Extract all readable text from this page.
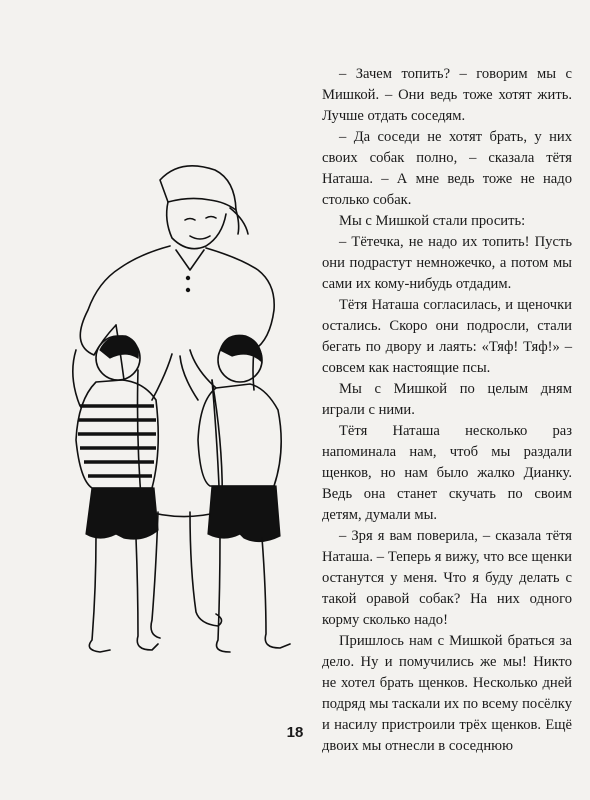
– Зачем топить? – говорим мы с Мишкой. – Они ведь тоже хотят жить. Лучше отдать соседям.

– Да соседи не хотят брать, у них своих собак полно, – сказала тётя Наташа. – А мне ведь тоже не надо столько собак.

Мы с Мишкой стали просить:

– Тётечка, не надо их топить! Пусть они подрастут немножечко, а потом мы сами их кому-нибудь отдадим.

Тётя Наташа согласилась, и щеночки остались. Скоро они подросли, стали бегать по двору и лаять: «Тяф! Тяф!» – совсем как настоящие псы.

Мы с Мишкой по целым дням играли с ними.

Тётя Наташа несколько раз напоминала нам, чтоб мы раздали щенков, но нам было жалко Дианку. Ведь она станет скучать по своим детям, думали мы.

– Зря я вам поверила, – сказала тётя Наташа. – Теперь я вижу, что все щенки останутся у меня. Что я буду делать с такой оравой собак? На них одного корму сколько надо!

Пришлось нам с Мишкой браться за дело. Ну и помучились же мы! Никто не хотел брать щенков. Несколько дней подряд мы таскали их по всему посёлку и насилу пристроили трёх щенков. Ещё двоих мы отнесли в соседнюю

18
